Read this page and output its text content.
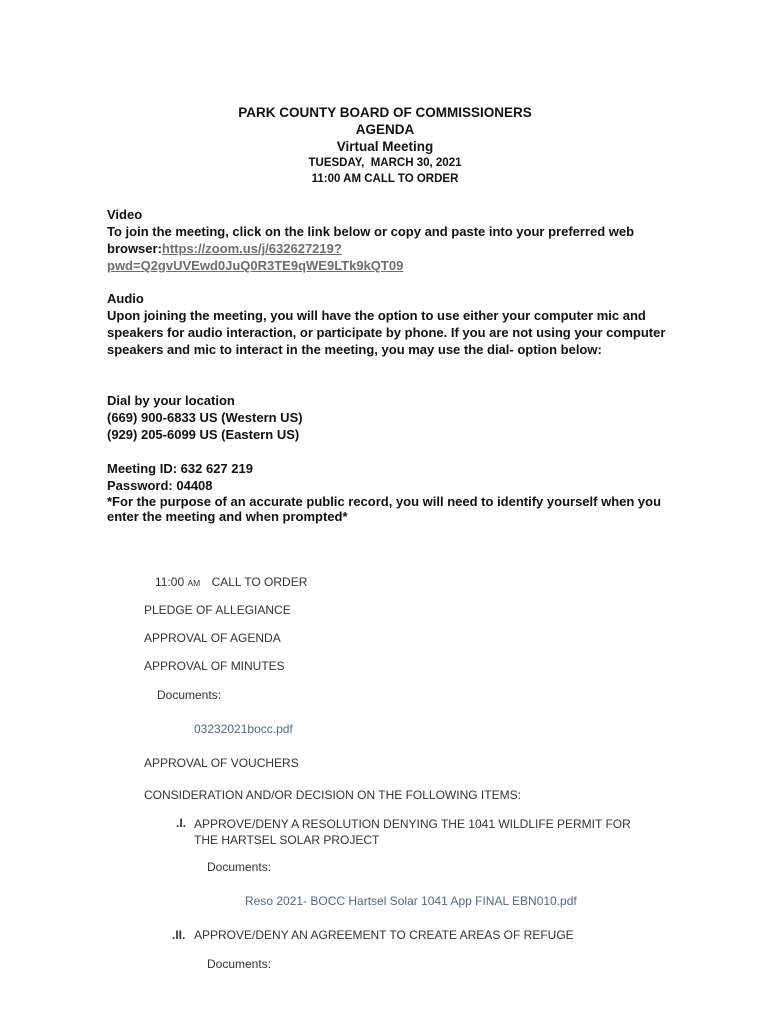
PARK COUNTY BOARD OF COMMISSIONERS
AGENDA
Virtual Meeting
TUESDAY,  MARCH 30, 2021
11:00 AM CALL TO ORDER

Video

To join the meeting, click on the link below or copy and paste into your preferred web browser:https://zoom.us/j/632627219?
pwd=Q2gvUVEwd0JuQ0R3TE9qWE9LTk9kQT09

Audio

Upon joining the meeting, you will have the option to use either your computer mic and speakers for audio interaction, or participate by phone. If you are not using your computer speakers and mic to interact in the meeting, you may use the dial- option below:

Dial by your location

(669) 900-6833 US (Western US)

(929) 205-6099 US (Eastern US)

Meeting ID: 632 627 219

Password: 04408

*For the purpose of an accurate public record, you will need to identify yourself when you enter the meeting and when prompted*

11:00 AM CALL TO ORDER
PLEDGE OF ALLEGIANCE
APPROVAL OF AGENDA
APPROVAL OF MINUTES
Documents:
03232021bocc.pdf
APPROVAL OF VOUCHERS
CONSIDERATION AND/OR DECISION ON THE FOLLOWING ITEMS:
.I. APPROVE/DENY A RESOLUTION DENYING THE 1041 WILDLIFE PERMIT FOR
THE HARTSEL SOLAR PROJECT
Documents:
Reso 2021- BOCC Hartsel Solar 1041 App FINAL EBN010.pdf
.II. APPROVE/DENY AN AGREEMENT TO CREATE AREAS OF REFUGE
Documents:
